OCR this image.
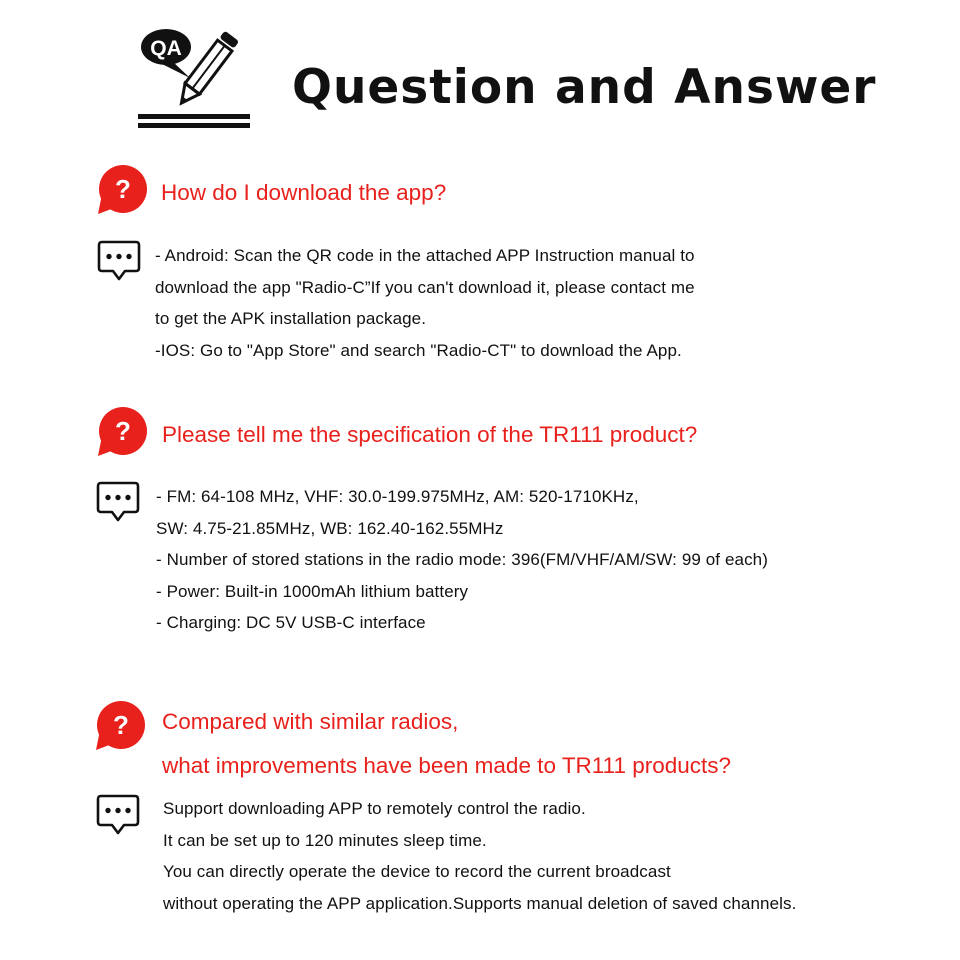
QA
Question and Answer
? How do I download the app?
- Android: Scan the QR code in the attached APP Instruction manual to
download the app "Radio-C”If you can't download it, please contact me
to get the APK installation package.
-IOS: Go to "App Store" and search "Radio-CT" to download the App.
? Please tell me the specification of the TR111 product?
- FM: 64-108 MHz, VHF: 30.0-199.975MHz, AM: 520-1710KHz,
SW: 4.75-21.85MHz, WB: 162.40-162.55MHz
- Number of stored stations in the radio mode: 396(FM/VHF/AM/SW: 99 of each)
- Power: Built-in 1000mAh lithium battery
- Charging: DC 5V USB-C interface
? Compared with similar radios,
what improvements have been made to TR111 products?
Support downloading APP to remotely control the radio.
It can be set up to 120 minutes sleep time.
You can directly operate the device to record the current broadcast
without operating the APP application.Supports manual deletion of saved channels.
